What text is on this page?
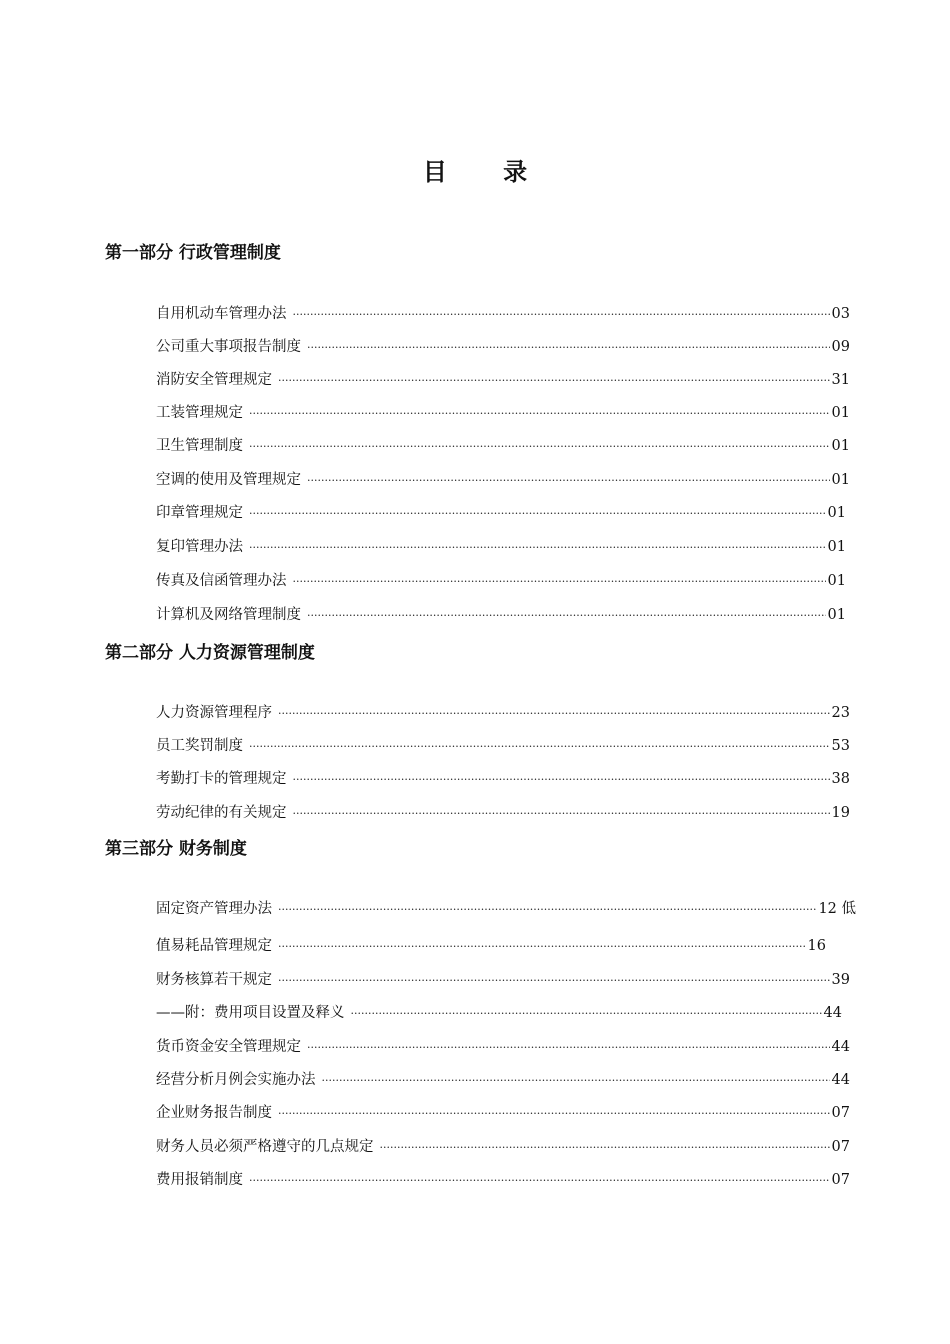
目 录
第一部分 行政管理制度
自用机动车管理办法 ·····	03
公司重大事项报告制度 ·····	09
消防安全管理规定 ·····	31
工装管理规定 ·····	01
卫生管理制度 ·····	01
空调的使用及管理规定 ·····	01
印章管理规定 ·····	01
复印管理办法 ·····	01
传真及信函管理办法 ·····	01
计算机及网络管理制度 ·····	01
第二部分 人力资源管理制度
人力资源管理程序 ·····	23
员工奖罚制度 ·····	53
考勤打卡的管理规定 ·····	38
劳动纪律的有关规定 ·····	19
第三部分 财务制度
固定资产管理办法 ·····	12 低
值易耗品管理规定 ·····	16
财务核算若干规定 ·····	39
——附：费用项目设置及释义 ·····	44
货币资金安全管理规定 ·····	44
经营分析月例会实施办法 ·····	44
企业财务报告制度 ·····	07
财务人员必须严格遵守的几点规定 ·····	07
费用报销制度 ·····	07
